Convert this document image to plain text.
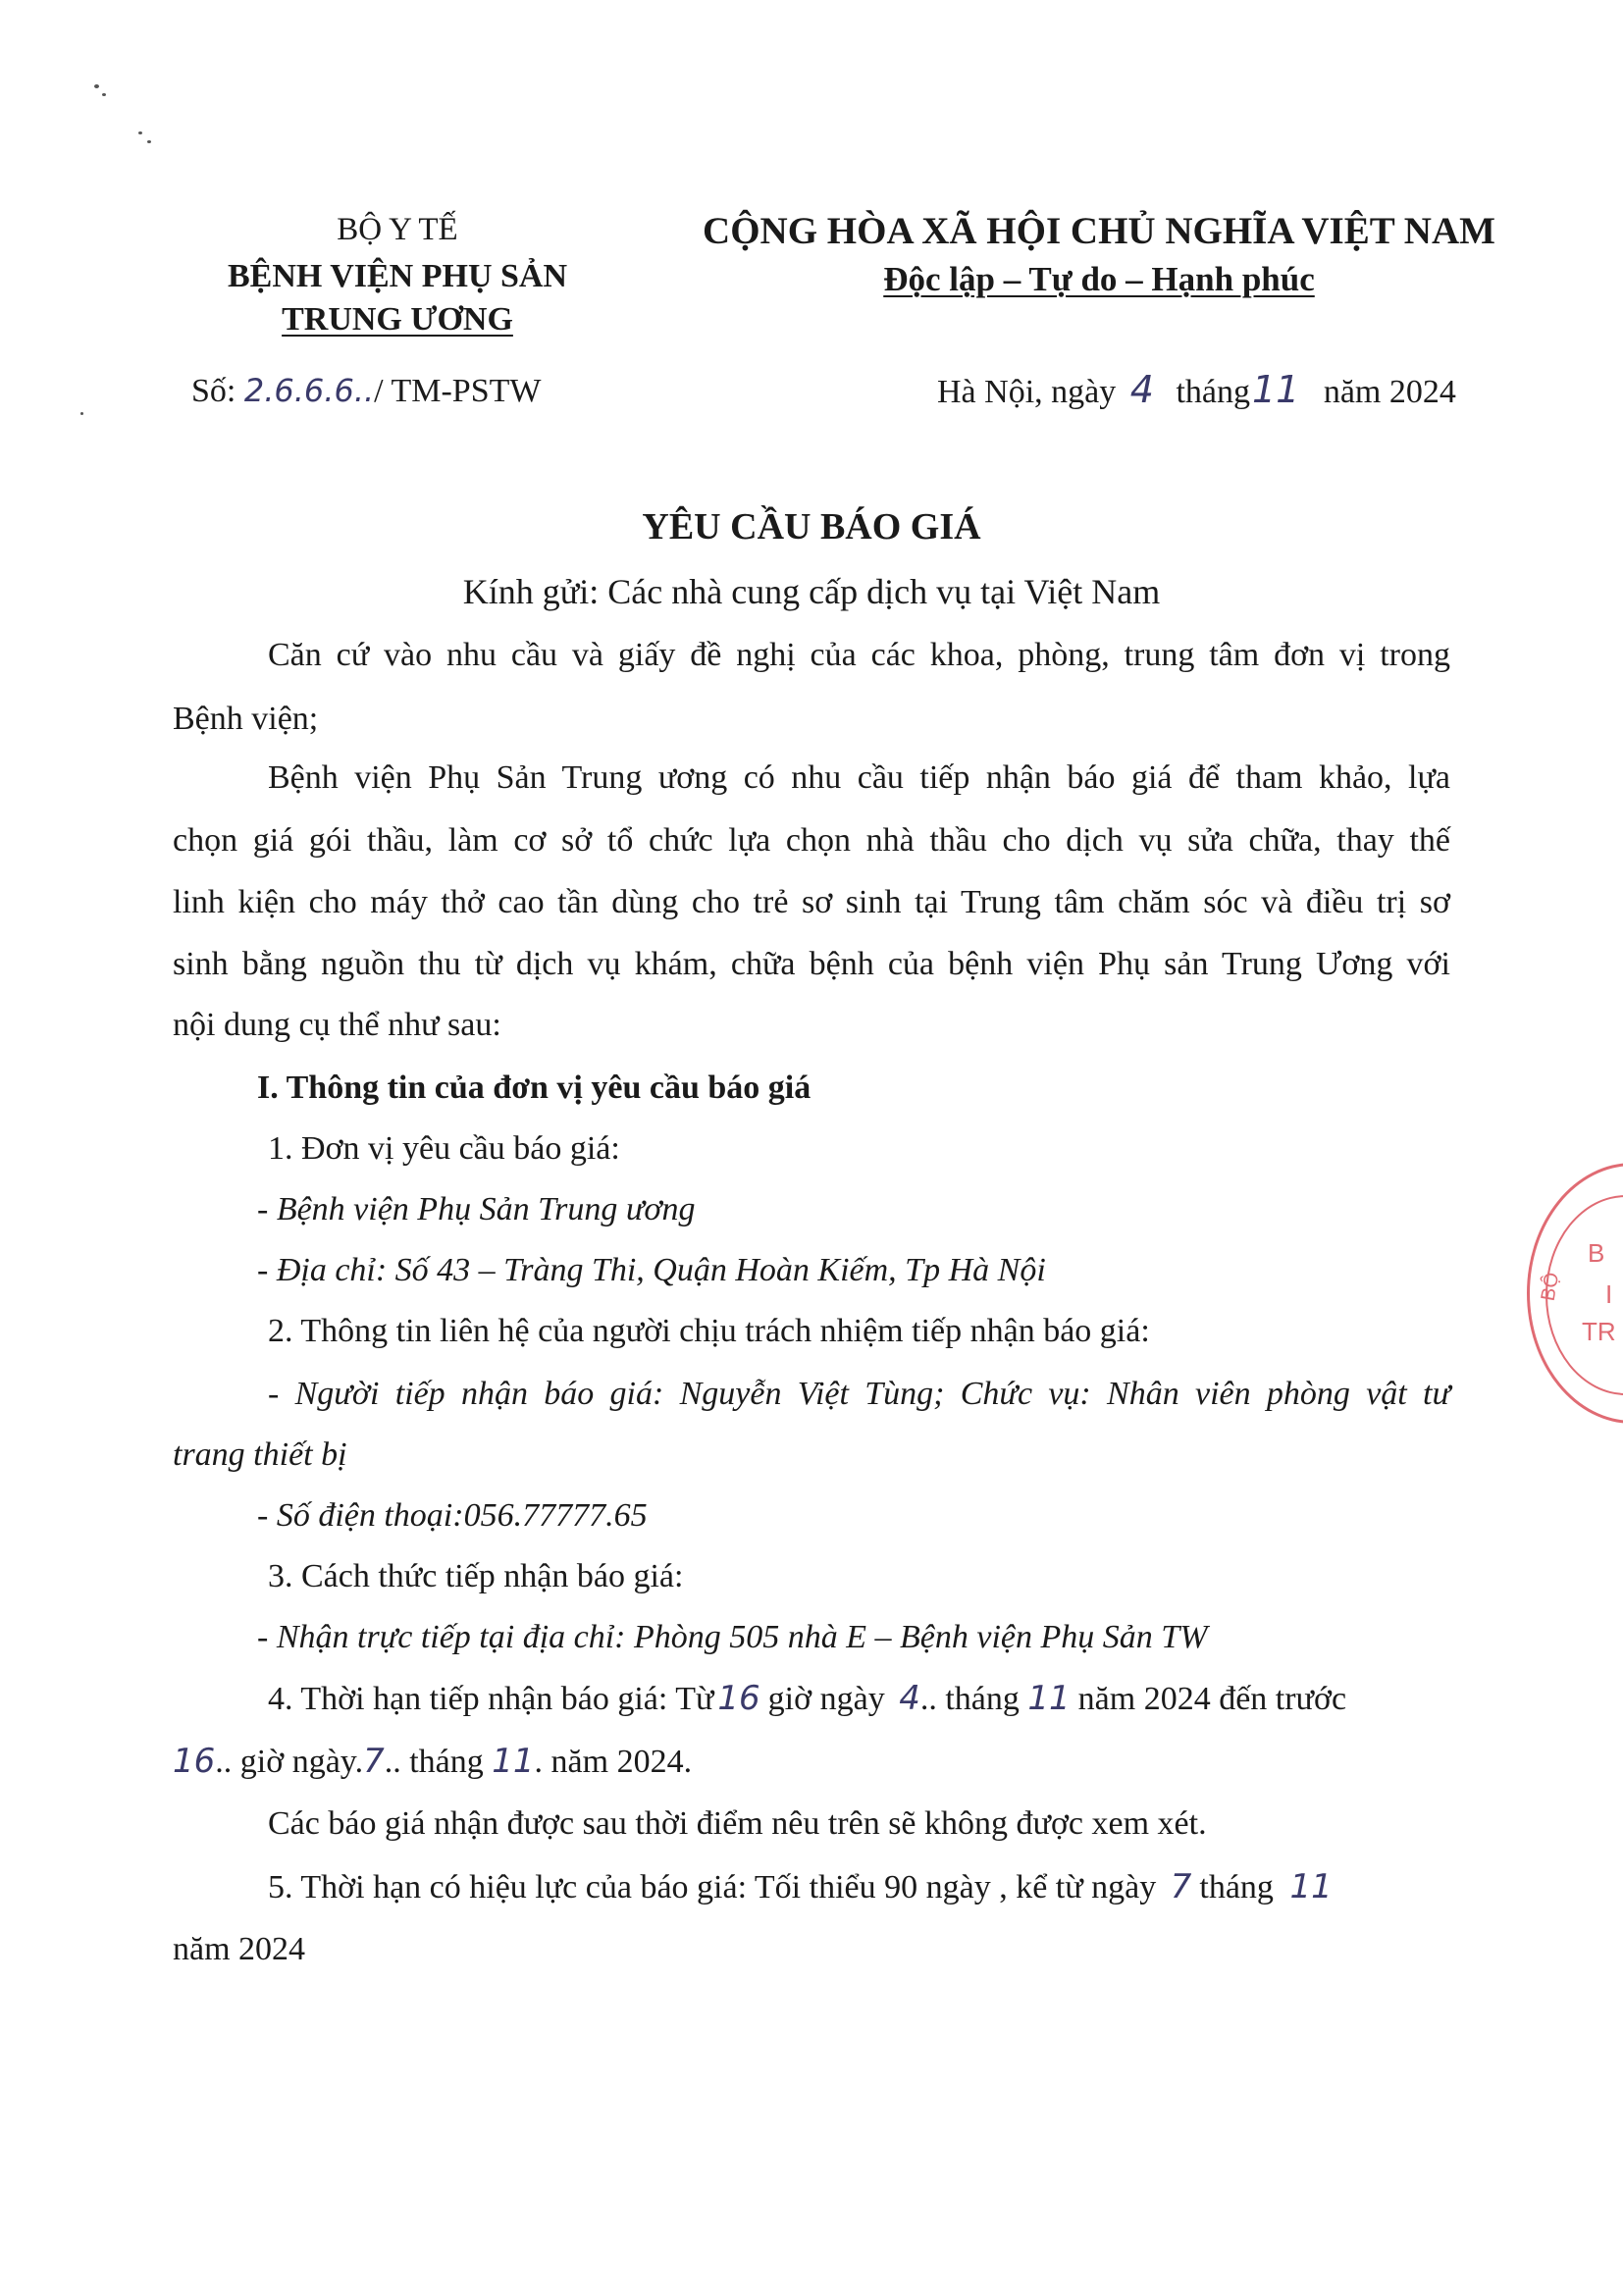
BỘ Y TẾ
BỆNH VIỆN PHỤ SẢN
TRUNG ƯƠNG
Số: 2.6.6.6../ TM-PSTW
CỘNG HÒA XÃ HỘI CHỦ NGHĨA VIỆT NAM
Độc lập – Tự do – Hạnh phúc
Hà Nội, ngày 4 tháng11 năm 2024
YÊU CẦU BÁO GIÁ
Kính gửi: Các nhà cung cấp dịch vụ tại Việt Nam
Căn cứ vào nhu cầu và giấy đề nghị của các khoa, phòng, trung tâm đơn vị trong
Bệnh viện;
Bệnh viện Phụ Sản Trung ương có nhu cầu tiếp nhận báo giá để tham khảo, lựa
chọn giá gói thầu, làm cơ sở tổ chức lựa chọn nhà thầu cho dịch vụ sửa chữa, thay thế
linh kiện cho máy thở cao tần dùng cho trẻ sơ sinh tại Trung tâm chăm sóc và điều trị sơ
sinh bằng nguồn thu từ dịch vụ khám, chữa bệnh của bệnh viện Phụ sản Trung Ương với
nội dung cụ thể như sau:
I. Thông tin của đơn vị yêu cầu báo giá
1. Đơn vị yêu cầu báo giá:
- Bệnh viện Phụ Sản Trung ương
- Địa chỉ: Số 43 – Tràng Thi, Quận Hoàn Kiếm, Tp Hà Nội
2. Thông tin liên hệ của người chịu trách nhiệm tiếp nhận báo giá:
- Người tiếp nhận báo giá: Nguyễn Việt Tùng; Chức vụ: Nhân viên phòng vật tư
trang thiết bị
- Số điện thoại:056.77777.65
3. Cách thức tiếp nhận báo giá:
- Nhận trực tiếp tại địa chỉ: Phòng 505 nhà E – Bệnh viện Phụ Sản TW
4. Thời hạn tiếp nhận báo giá: Từ 16 giờ ngày 4.. tháng 11 năm 2024 đến trước
16.. giờ ngày.7.. tháng 11. năm 2024.
Các báo giá nhận được sau thời điểm nêu trên sẽ không được xem xét.
5. Thời hạn có hiệu lực của báo giá: Tối thiểu 90 ngày , kể từ ngày 7 tháng 11
năm 2024
B
I
TR
BỘ
